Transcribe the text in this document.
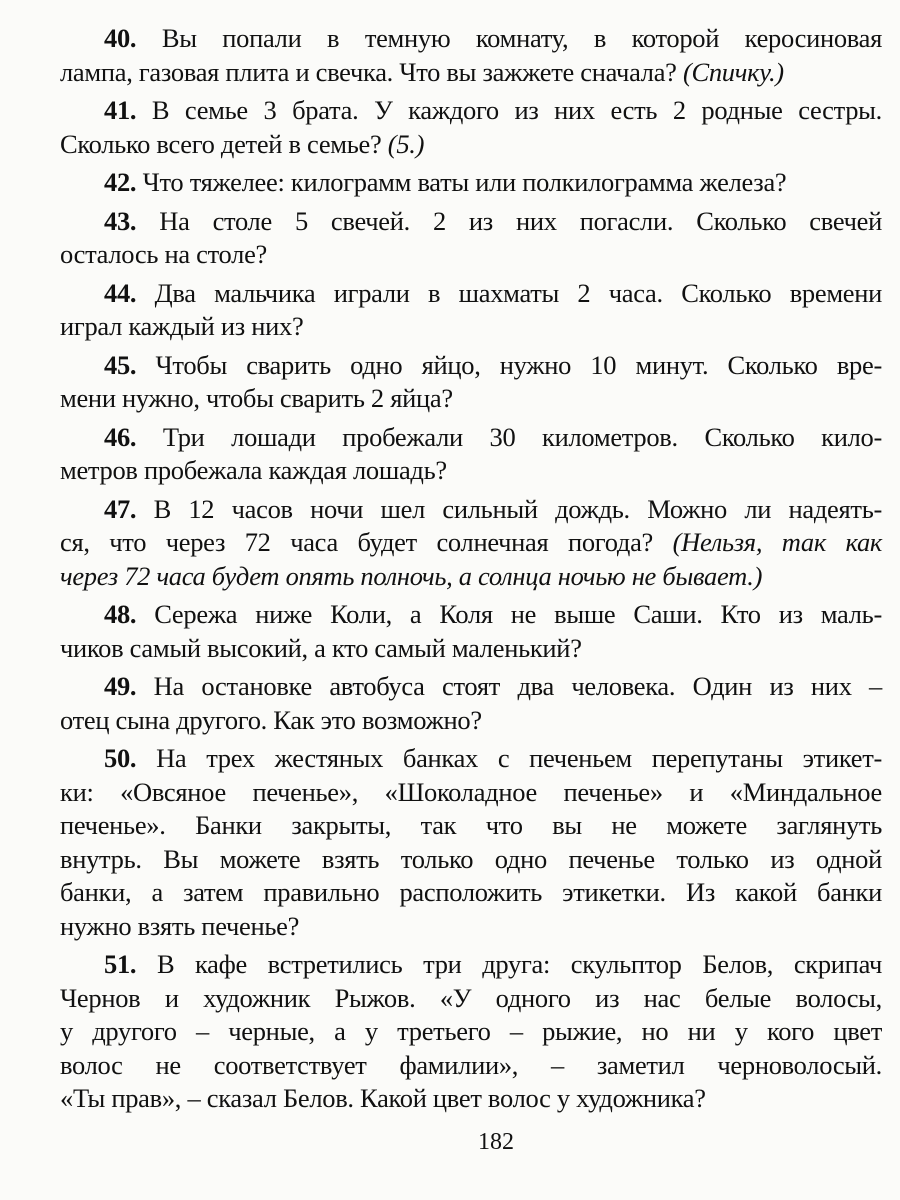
40. Вы попали в темную комнату, в которой керосиновая
лампа, газовая плита и свечка. Что вы зажжете сначала? (Спичку.)
41. В семье 3 брата. У каждого из них есть 2 родные сестры.
Сколько всего детей в семье? (5.)
42. Что тяжелее: килограмм ваты или полкилограмма железа?
43. На столе 5 свечей. 2 из них погасли. Сколько свечей
осталось на столе?
44. Два мальчика играли в шахматы 2 часа. Сколько времени
играл каждый из них?
45. Чтобы сварить одно яйцо, нужно 10 минут. Сколько вре-
мени нужно, чтобы сварить 2 яйца?
46. Три лошади пробежали 30 километров. Сколько кило-
метров пробежала каждая лошадь?
47. В 12 часов ночи шел сильный дождь. Можно ли надеять-
ся, что через 72 часа будет солнечная погода? (Нельзя, так как
через 72 часа будет опять полночь, а солнца ночью не бывает.)
48. Сережа ниже Коли, а Коля не выше Саши. Кто из маль-
чиков самый высокий, а кто самый маленький?
49. На остановке автобуса стоят два человека. Один из них –
отец сына другого. Как это возможно?
50. На трех жестяных банках с печеньем перепутаны этикет-
ки: «Овсяное печенье», «Шоколадное печенье» и «Миндальное
печенье». Банки закрыты, так что вы не можете заглянуть
внутрь. Вы можете взять только одно печенье только из одной
банки, а затем правильно расположить этикетки. Из какой банки
нужно взять печенье?
51. В кафе встретились три друга: скульптор Белов, скрипач
Чернов и художник Рыжов. «У одного из нас белые волосы,
у другого – черные, а у третьего – рыжие, но ни у кого цвет
волос не соответствует фамилии», – заметил черноволосый.
«Ты прав», – сказал Белов. Какой цвет волос у художника?
182
